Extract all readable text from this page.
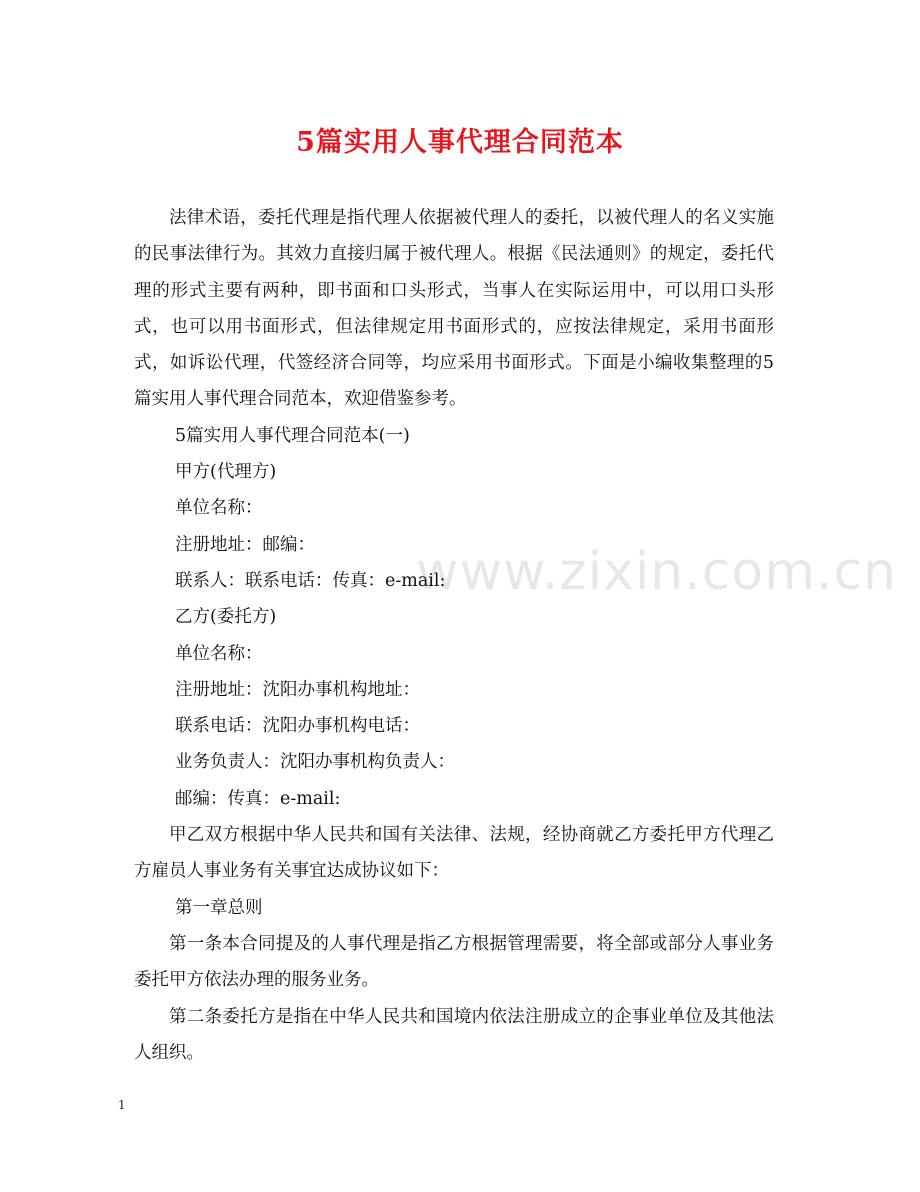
5篇实用人事代理合同范本

法律术语，委托代理是指代理人依据被代理人的委托，以被代理人的名义实施的民事法律行为。其效力直接归属于被代理人。根据《民法通则》的规定，委托代理的形式主要有两种，即书面和口头形式，当事人在实际运用中，可以用口头形式，也可以用书面形式，但法律规定用书面形式的，应按法律规定，采用书面形式，如诉讼代理，代签经济合同等，均应采用书面形式。下面是小编收集整理的5篇实用人事代理合同范本，欢迎借鉴参考。

5篇实用人事代理合同范本(一)

甲方(代理方)

单位名称：

注册地址：邮编：

联系人：联系电话：传真：e-mail:

乙方(委托方)

单位名称：

注册地址：沈阳办事机构地址：

联系电话：沈阳办事机构电话：

业务负责人：沈阳办事机构负责人：

邮编：传真：e-mail:

甲乙双方根据中华人民共和国有关法律、法规，经协商就乙方委托甲方代理乙方雇员人事业务有关事宜达成协议如下：

第一章总则

第一条本合同提及的人事代理是指乙方根据管理需要，将全部或部分人事业务委托甲方依法办理的服务业务。

第二条委托方是指在中华人民共和国境内依法注册成立的企事业单位及其他法人组织。

www.zixin.com.cn
1
